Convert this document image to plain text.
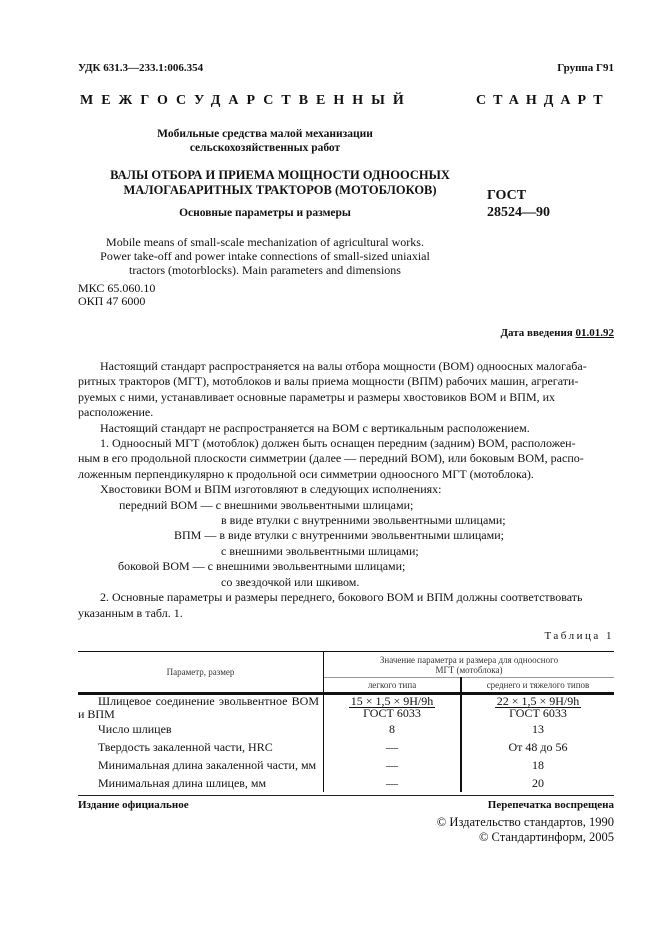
УДК 631.3—233.1:006.354	Группа Г91
МЕЖГОСУДАРСТВЕННЫЙ	СТАНДАРТ
Мобильные средства малой механизации
сельскохозяйственных работ
ВАЛЫ ОТБОРА И ПРИЕМА МОЩНОСТИ ОДНООСНЫХ
МАЛОГАБАРИТНЫХ ТРАКТОРОВ (МОТОБЛОКОВ)
Основные параметры и размеры
ГОСТ
28524—90
Mobile means of small-scale mechanization of agricultural works.
Power take-off and power intake connections of small-sized uniaxial
tractors (motorblocks). Main parameters and dimensions
МКС 65.060.10
ОКП 47 6000
Дата введения 01.01.92
Настоящий стандарт распространяется на валы отбора мощности (ВОМ) одноосных малогаба-
ритных тракторов (МГТ), мотоблоков и валы приема мощности (ВПМ) рабочих машин, агрегати-
руемых с ними, устанавливает основные параметры и размеры хвостовиков ВОМ и ВПМ, их
расположение.
Настоящий стандарт не распространяется на ВОМ с вертикальным расположением.
1. Одноосный МГТ (мотоблок) должен быть оснащен передним (задним) ВОМ, расположен-
ным в его продольной плоскости симметрии (далее — передний ВОМ), или боковым ВОМ, распо-
ложенным перпендикулярно к продольной оси симметрии одноосного МГТ (мотоблока).
Хвостовики ВОМ и ВПМ изготовляют в следующих исполнениях:
передний ВОМ — с внешними эвольвентными шлицами;
в виде втулки с внутренними эвольвентными шлицами;
ВПМ — в виде втулки с внутренними эвольвентными шлицами;
с внешними эвольвентными шлицами;
боковой ВОМ — с внешними эвольвентными шлицами;
со звездочкой или шкивом.
2. Основные параметры и размеры переднего, бокового ВОМ и ВПМ должны соответствовать
указанным в табл. 1.
Таблица 1
Параметр, размер	Значение параметра и размера для одноосного МГТ (мотоблока)	
	легкого типа	среднего и тяжелого типов
Шлицевое соединение эвольвентное ВОМ и ВПМ	$\frac{15 \times 1,5 \times 9H/9h}{\text{ГОСТ 6033}}$	$\frac{22 \times 1,5 \times 9H/9h}{\text{ГОСТ 6033}}$

Число шлицев	8	13
Твердость закаленной части, HRC	—	От 48 до 56
Минимальная длина закаленной части, мм	—	18
Минимальная длина шлицев, мм	—	20
Издание официальное	Перепечатка воспрещена
© Издательство стандартов, 1990
© Стандартинформ, 2005
